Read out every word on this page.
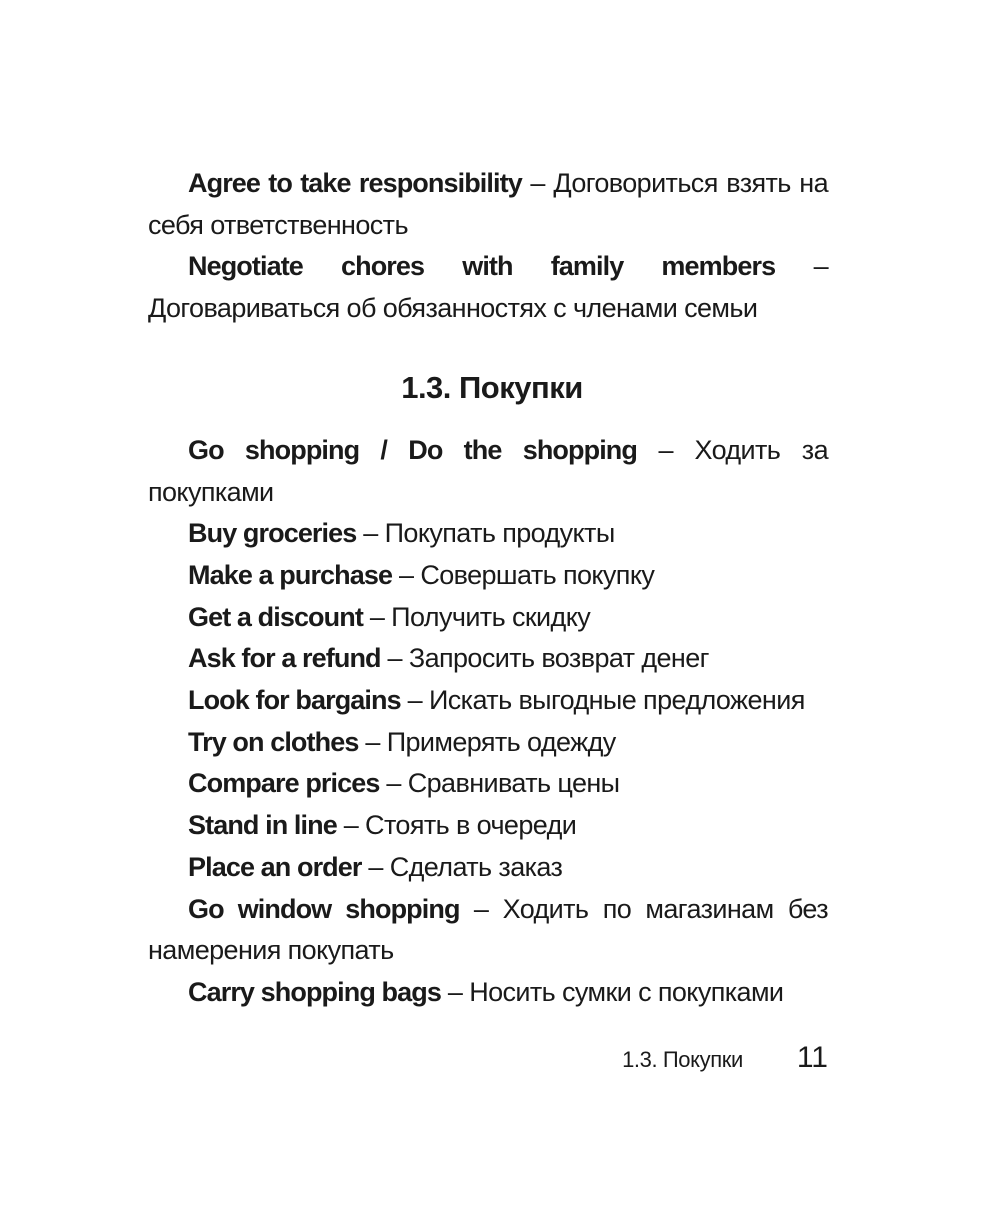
Agree to take responsibility – Договориться взять на себя ответственность

Negotiate chores with family members – Договариваться об обязанностях с членами семьи

1.3. Покупки

Go shopping / Do the shopping – Ходить за покупками

Buy groceries – Покупать продукты

Make a purchase – Совершать покупку

Get a discount – Получить скидку

Ask for a refund – Запросить возврат денег

Look for bargains – Искать выгодные предложения

Try on clothes – Примерять одежду

Compare prices – Сравнивать цены

Stand in line – Стоять в очереди

Place an order – Сделать заказ

Go window shopping – Ходить по магазинам без намерения покупать

Carry shopping bags – Носить сумки с покупками

1.3. Покупки 11
